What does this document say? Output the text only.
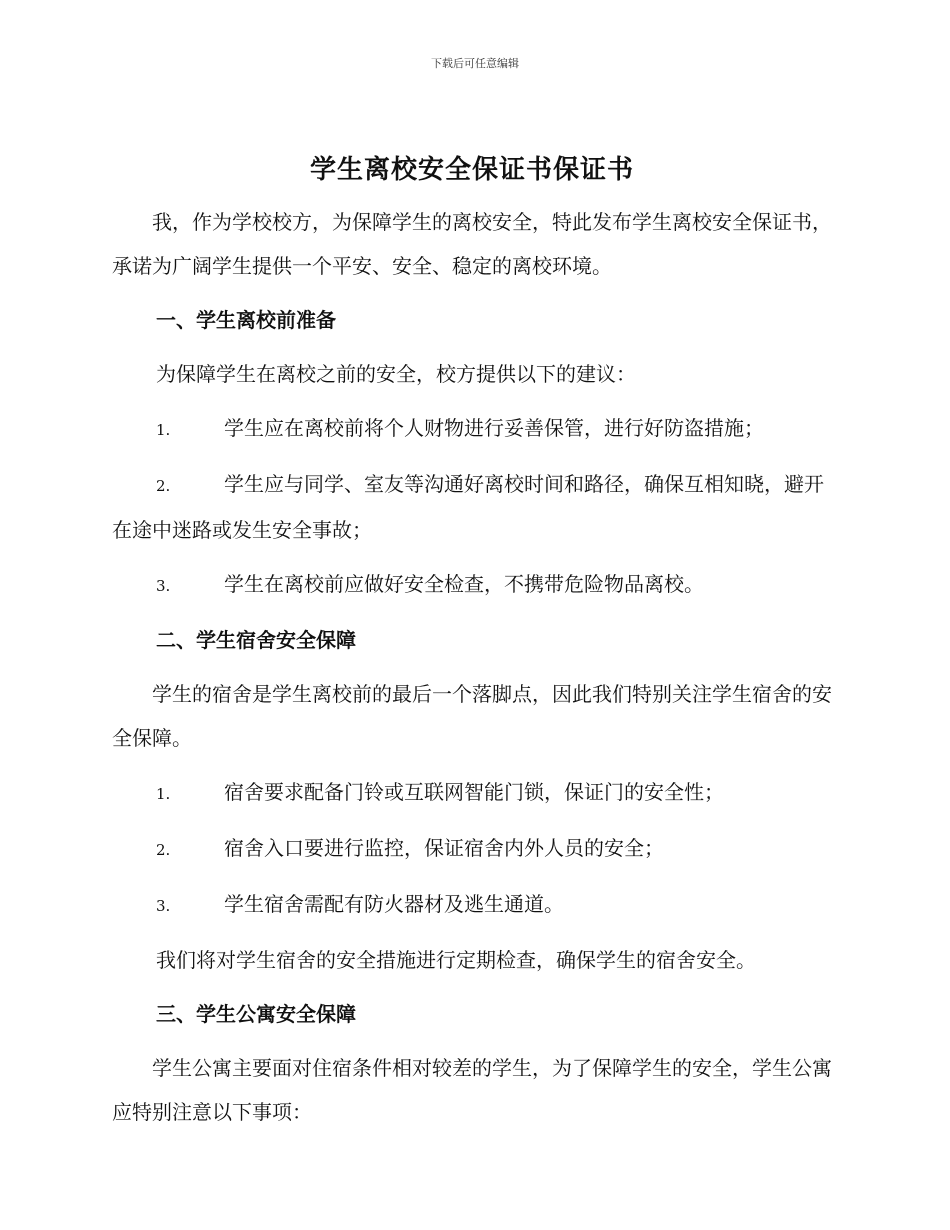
下载后可任意编辑
学生离校安全保证书保证书
我，作为学校校方，为保障学生的离校安全，特此发布学生离校安全保证书，承诺为广阔学生提供一个平安、安全、稳定的离校环境。
一、学生离校前准备
为保障学生在离校之前的安全，校方提供以下的建议：
1.	学生应在离校前将个人财物进行妥善保管，进行好防盗措施；
2.	学生应与同学、室友等沟通好离校时间和路径，确保互相知晓，避开在途中迷路或发生安全事故；
3.	学生在离校前应做好安全检查，不携带危险物品离校。
二、学生宿舍安全保障
学生的宿舍是学生离校前的最后一个落脚点，因此我们特别关注学生宿舍的安全保障。
1.	宿舍要求配备门铃或互联网智能门锁，保证门的安全性；
2.	宿舍入口要进行监控，保证宿舍内外人员的安全；
3.	学生宿舍需配有防火器材及逃生通道。
我们将对学生宿舍的安全措施进行定期检查，确保学生的宿舍安全。
三、学生公寓安全保障
学生公寓主要面对住宿条件相对较差的学生，为了保障学生的安全，学生公寓应特别注意以下事项：
